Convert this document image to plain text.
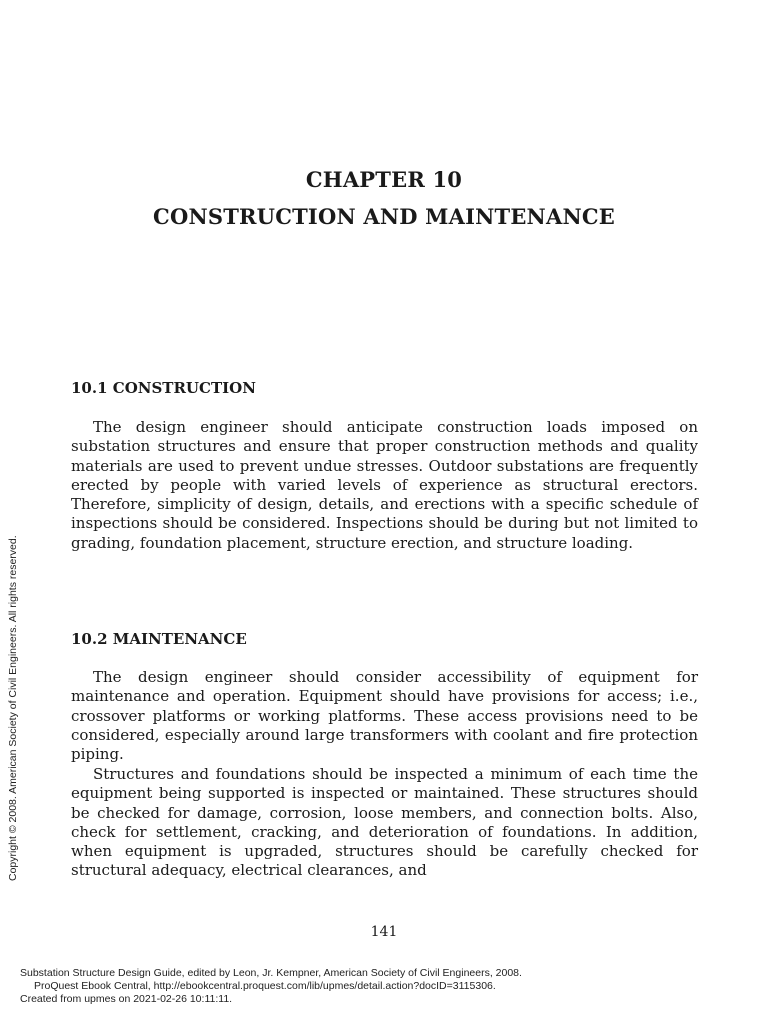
CHAPTER 10
CONSTRUCTION AND MAINTENANCE
10.1 CONSTRUCTION

The design engineer should anticipate construction loads imposed on substation structures and ensure that proper construction methods and quality materials are used to prevent undue stresses. Outdoor substations are frequently erected by people with varied levels of experience as structural erectors. Therefore, simplicity of design, details, and erections with a specific schedule of inspections should be considered. Inspections should be during but not limited to grading, foundation placement, structure erection, and structure loading.

10.2 MAINTENANCE

The design engineer should consider accessibility of equipment for maintenance and operation. Equipment should have provisions for access; i.e., crossover platforms or working platforms. These access provisions need to be considered, especially around large transformers with coolant and fire protection piping.

Structures and foundations should be inspected a minimum of each time the equipment being supported is inspected or maintained. These structures should be checked for damage, corrosion, loose members, and connection bolts. Also, check for settlement, cracking, and deterioration of foundations. In addition, when equipment is upgraded, structures should be carefully checked for structural adequacy, electrical clearances, and

141
Copyright © 2008. American Society of Civil Engineers. All rights reserved.
Substation Structure Design Guide, edited by Leon, Jr. Kempner, American Society of Civil Engineers, 2008.
ProQuest Ebook Central, http://ebookcentral.proquest.com/lib/upmes/detail.action?docID=3115306.
Created from upmes on 2021-02-26 10:11:11.
